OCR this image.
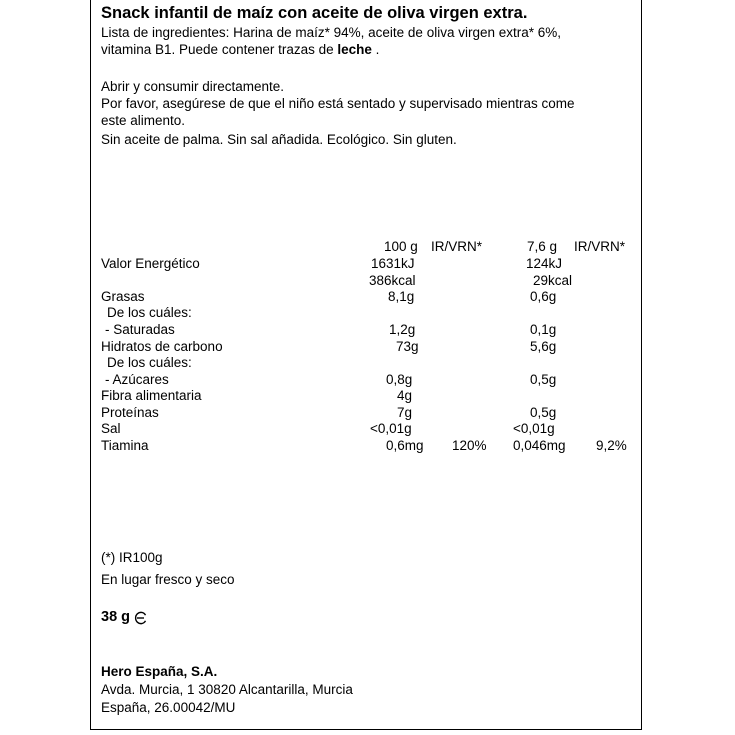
Snack infantil de maíz con aceite de oliva virgen extra.
Lista de ingredientes: Harina de maíz* 94%, aceite de oliva virgen extra* 6%,
vitamina B1. Puede contener trazas de leche .
Abrir y consumir directamente.
Por favor, asegúrese de que el niño está sentado y supervisado mientras come
este alimento.
Sin aceite de palma. Sin sal añadida. Ecológico. Sin gluten.
100 g IR/VRN*	7,6 g IR/VRN*
Valor Energético	1631kJ	124kJ
386kcal	29kcal
Grasas	8,1g	0,6g
De los cuáles:
- Saturadas	1,2g	0,1g
Hidratos de carbono	73g	5,6g
De los cuáles:
- Azúcares	0,8g	0,5g
Fibra alimentaria	4g
Proteínas	7g	0,5g
Sal	<0,01g	<0,01g
Tiamina	0,6mg 120% 0,046mg 9,2%
(*) IR100g
En lugar fresco y seco
38 g
Hero España, S.A.
Avda. Murcia, 1 30820 Alcantarilla, Murcia
España, 26.00042/MU
